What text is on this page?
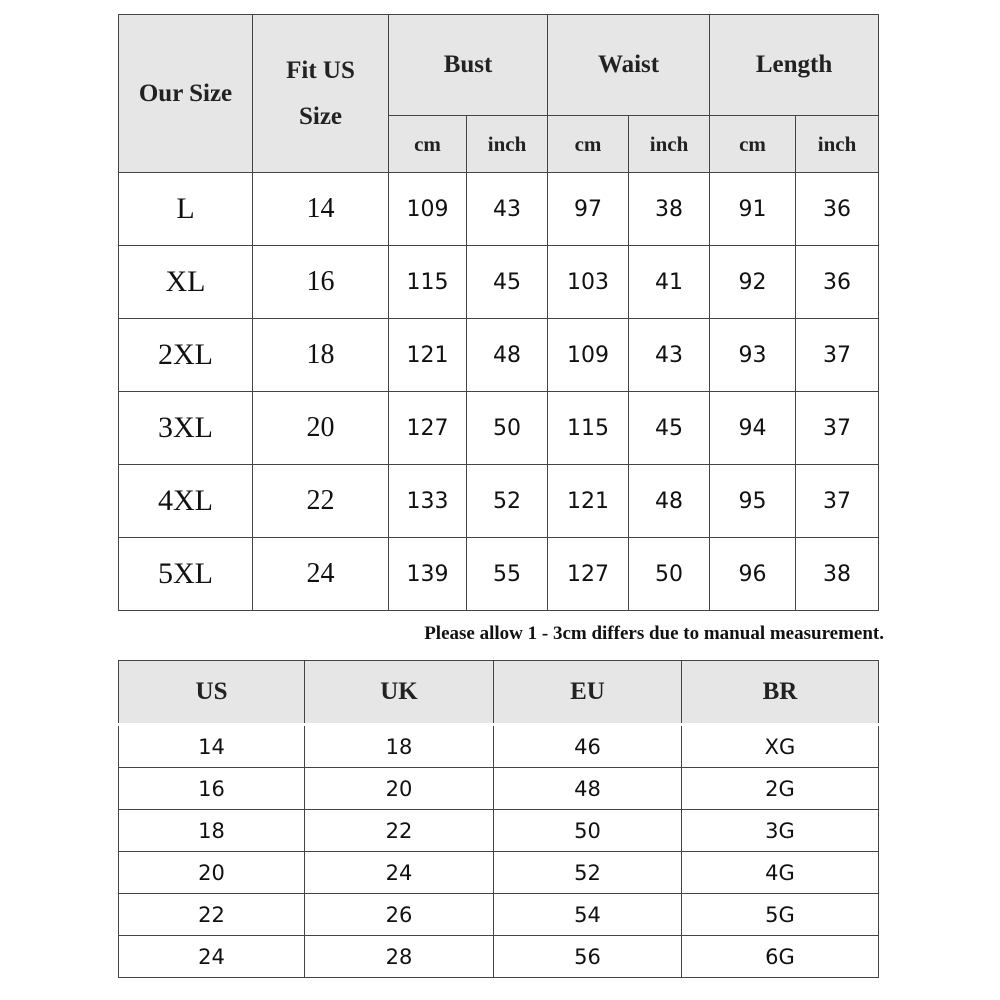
Our Size	Fit US Size	Bust		Waist		Length	
		cm	inch	cm	inch	cm	inch
L	14	109	43	97	38	91	36
XL	16	115	45	103	41	92	36
2XL	18	121	48	109	43	93	37
3XL	20	127	50	115	45	94	37
4XL	22	133	52	121	48	95	37
5XL	24	139	55	127	50	96	38
Please allow 1 - 3cm differs due to manual measurement.
US	UK	EU	BR
14	18	46	XG
16	20	48	2G
18	22	50	3G
20	24	52	4G
22	26	54	5G
24	28	56	6G
